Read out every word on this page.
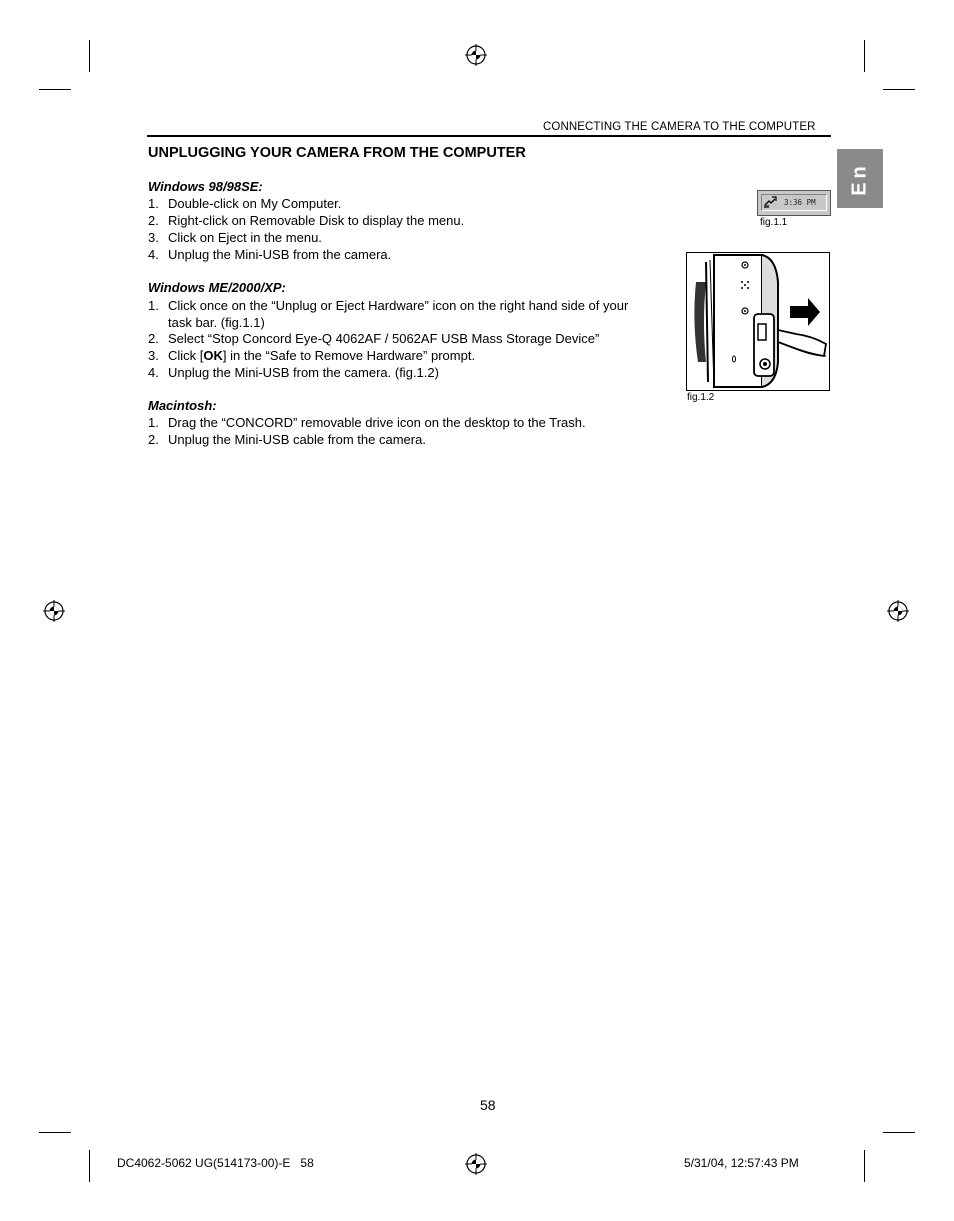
CONNECTING THE CAMERA TO THE COMPUTER
En
UNPLUGGING YOUR CAMERA FROM THE COMPUTER
Windows 98/98SE:
1. Double-click on My Computer.
2. Right-click on Removable Disk to display the menu.
3. Click on Eject in the menu.
4. Unplug the Mini-USB from the camera.
Windows ME/2000/XP:
1. Click once on the “Unplug or Eject Hardware” icon on the right hand side of your
task bar. (fig.1.1)
2. Select “Stop Concord Eye-Q 4062AF / 5062AF USB Mass Storage Device”
3. Click [OK] in the “Safe to Remove Hardware” prompt.
4. Unplug the Mini-USB from the camera. (fig.1.2)
Macintosh:
1. Drag the “CONCORD” removable drive icon on the desktop to the Trash.
2. Unplug the Mini-USB cable from the camera.
3:36 PM
fig.1.1
fig.1.2
58
DC4062-5062 UG(514173-00)-E   58	5/31/04, 12:57:43 PM
